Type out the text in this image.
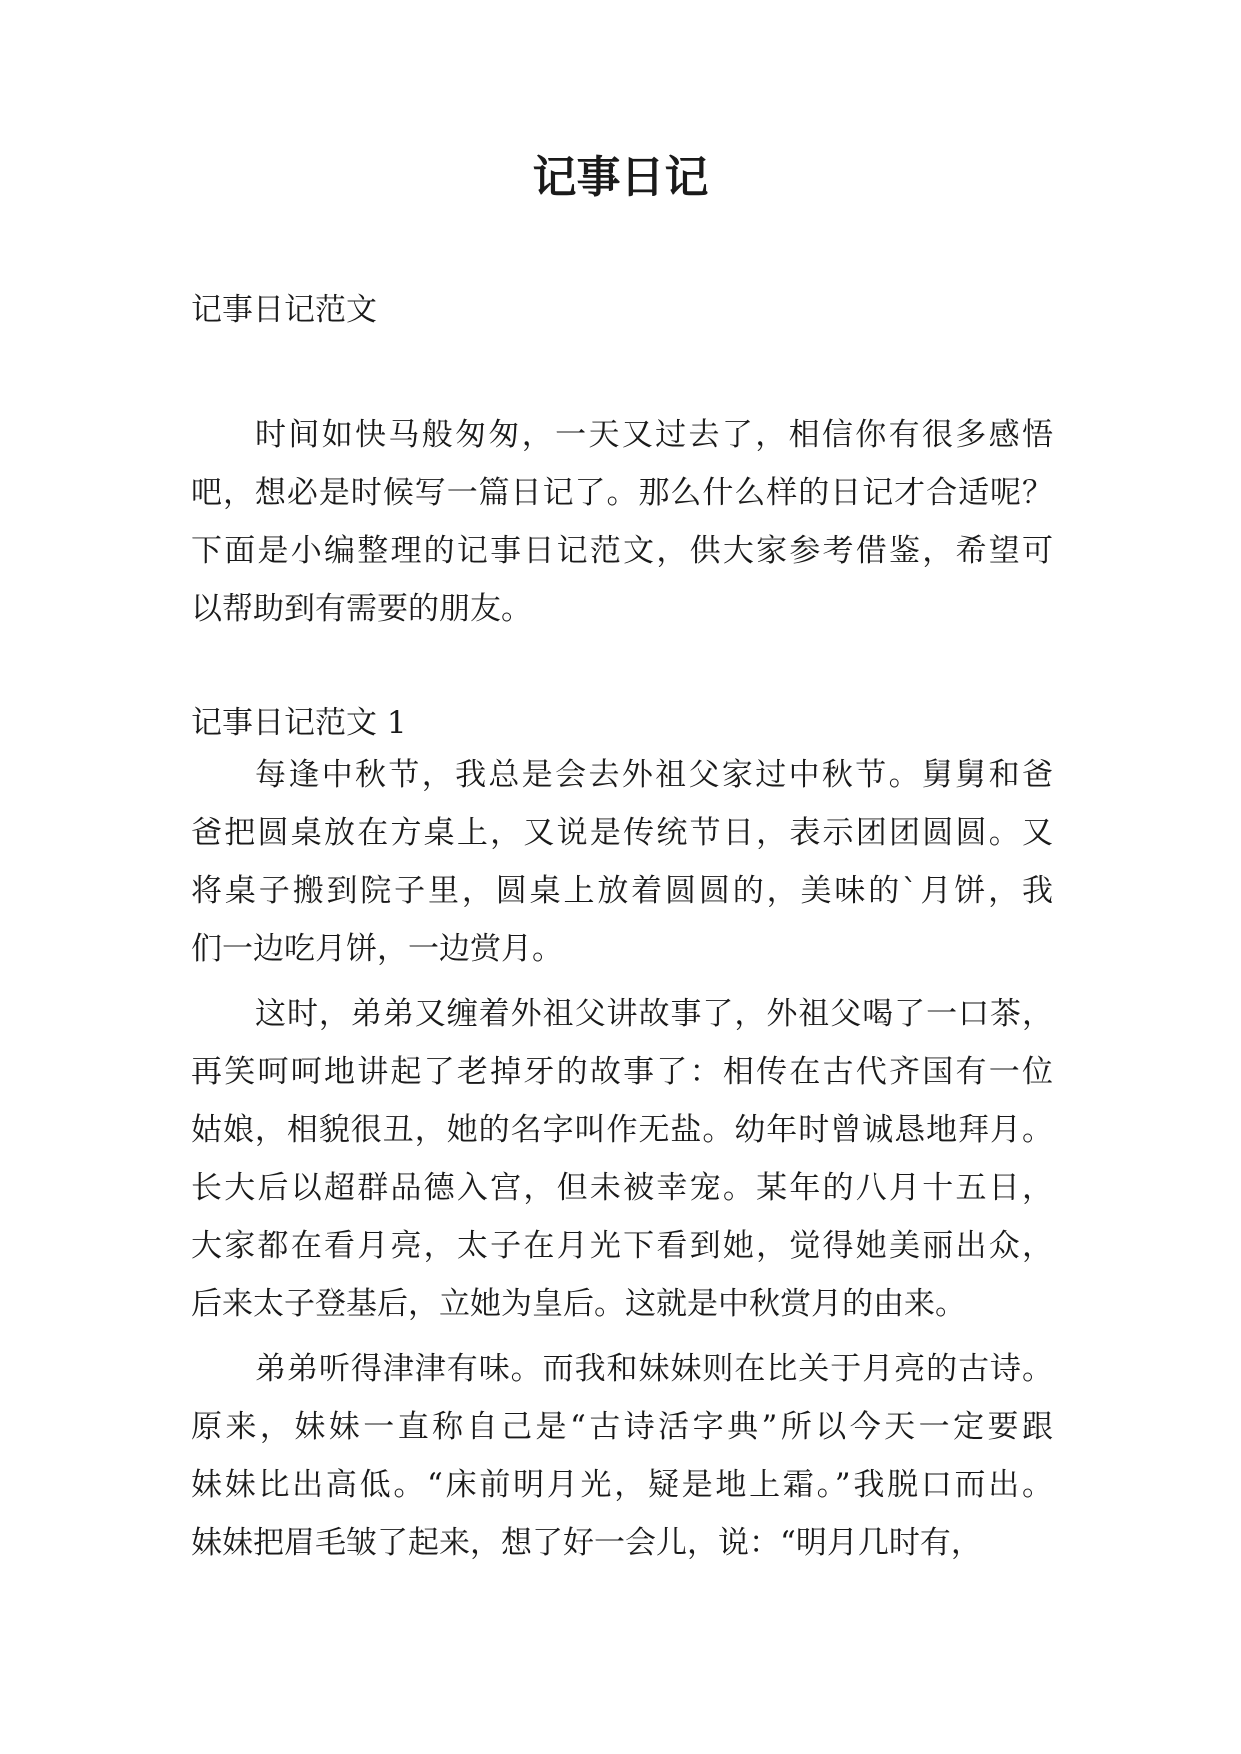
记事日记

记事日记范文

时间如快马般匆匆，一天又过去了，相信你有很多感悟
吧，想必是时候写一篇日记了。那么什么样的日记才合适呢？
下面是小编整理的记事日记范文，供大家参考借鉴，希望可
以帮助到有需要的朋友。

记事日记范文 1

每逢中秋节，我总是会去外祖父家过中秋节。舅舅和爸
爸把圆桌放在方桌上，又说是传统节日，表示团团圆圆。又
将桌子搬到院子里，圆桌上放着圆圆的，美味的`月饼，我
们一边吃月饼，一边赏月。
这时，弟弟又缠着外祖父讲故事了，外祖父喝了一口茶，
再笑呵呵地讲起了老掉牙的故事了：相传在古代齐国有一位
姑娘，相貌很丑，她的名字叫作无盐。幼年时曾诚恳地拜月。
长大后以超群品德入宫，但未被幸宠。某年的八月十五日，
大家都在看月亮，太子在月光下看到她，觉得她美丽出众，
后来太子登基后，立她为皇后。这就是中秋赏月的由来。
弟弟听得津津有味。而我和妹妹则在比关于月亮的古诗。
原来，妹妹一直称自己是“古诗活字典”所以今天一定要跟
妹妹比出高低。“床前明月光，疑是地上霜。”我脱口而出。
妹妹把眉毛皱了起来，想了好一会儿，说：“明月几时有，
